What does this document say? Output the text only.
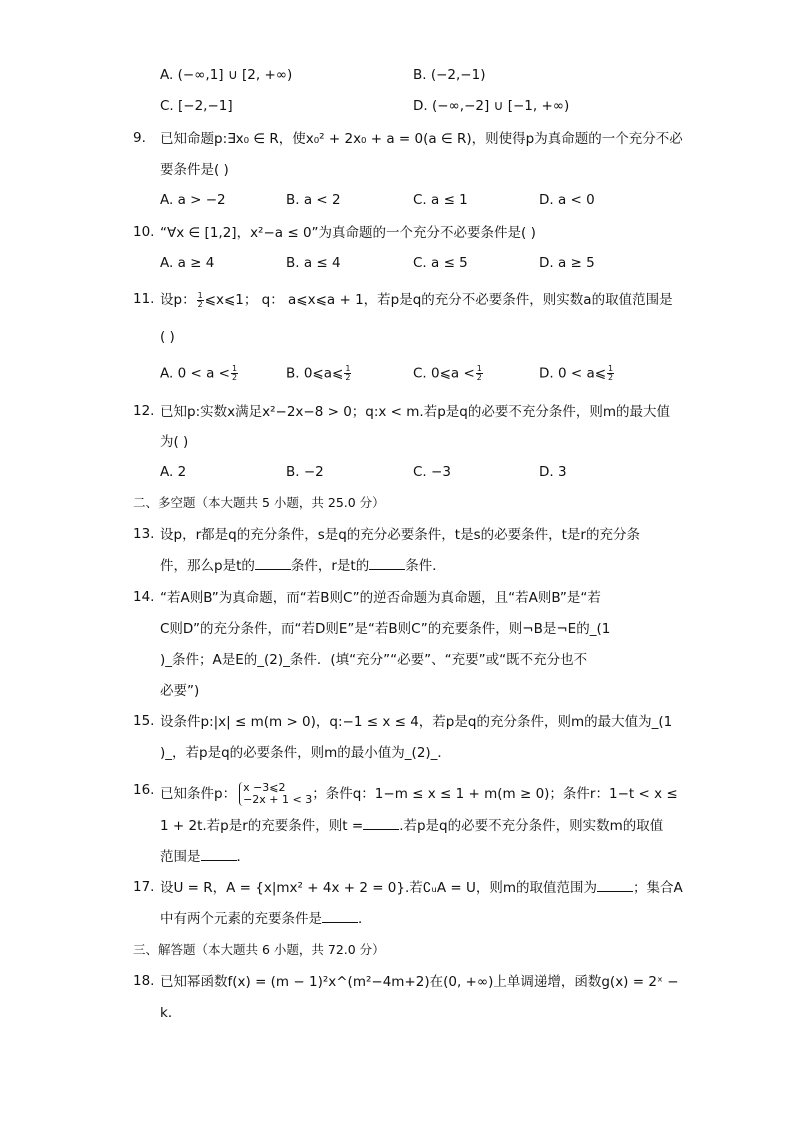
A. (−∞,1] ∪ [2, +∞)	B. (−2,−1)
C. [−2,−1]	D. (−∞,−2] ∪ [−1, +∞)
9. 已知命题p:∃x₀ ∈ R，使x₀² + 2x₀ + a = 0(a ∈ R)，则使得p为真命题的一个充分不必
要条件是( )
A. a > −2	B. a < 2	C. a ≤ 1	D. a < 0
10. “∀x ∈ [1,2]，x²−a ≤ 0”为真命题的一个充分不必要条件是( )
A. a ≥ 4	B. a ≤ 4	C. a ≤ 5	D. a ≥ 5
11. 设p： $\frac{1}{2}$ ⩽x⩽1； q： a⩽x⩽a + 1，若p是q的充分不必要条件，则实数a的取值范围是
( )
A. $0 < a < \frac{1}{2}$	B. 0⩽a⩽ $\frac{1}{2}$	C. 0⩽a < $\frac{1}{2}$	D. 0 < a⩽ $\frac{1}{2}$
12. 已知p:实数x满足x²−2x−8 > 0；q:x < m.若p是q的必要不充分条件，则m的最大值
为( )
A. 2	B. −2	C. −3	D. 3
二、多空题（本大题共 5 小题，共 25.0 分）
13. 设p，r都是q的充分条件，s是q的充分必要条件，t是s的必要条件，t是r的充分条
件，那么p是t的	条件，r是t的	条件．
14. “若A则B”为真命题，而“若B则C”的逆否命题为真命题，且“若A则B”是“若
C则D”的充分条件，而“若D则E”是“若B则C”的充要条件，则¬B是¬E的_(1
)_条件；A是E的_(2)_条件．(填“充分”“必要”、“充要”或“既不充分也不
必要”)
15. 设条件p:|x| ≤ m(m > 0)，q:−1 ≤ x ≤ 4，若p是q的充分条件，则m的最大值为_(1
)_，若p是q的必要条件，则m的最小值为_(2)_．
16. 已知条件p： x −3⩽2
−2x + 1 < 3 ；条件q：1−m ≤ x ≤ 1 + m(m ≥ 0)；条件r：1−t < x ≤
1 + 2t.若p是r的充要条件，则t =	.若p是q的必要不充分条件，则实数m的取值
范围是	．
17. 设U = R，A = {x|mx² + 4x + 2 = 0}.若∁ᵤA = U，则m的取值范围为	；集合A
中有两个元素的充要条件是	．
三、解答题（本大题共 6 小题，共 72.0 分）
18. 已知幂函数f(x) = (m − 1)²x^(m²−4m+2)在(0, +∞)上单调递增，函数g(x) = 2ˣ −
k．
